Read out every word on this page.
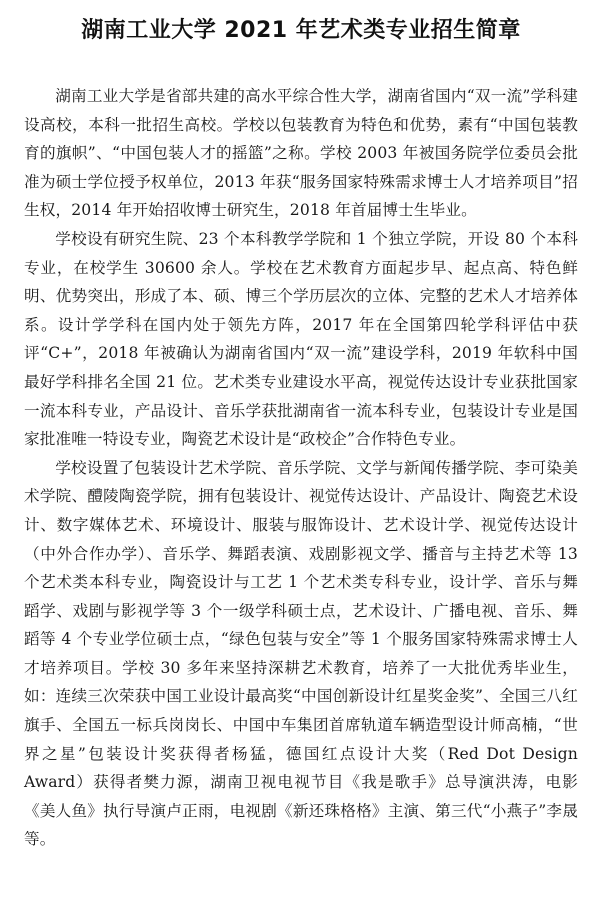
湖南工业大学 2021 年艺术类专业招生简章

湖南工业大学是省部共建的高水平综合性大学，湖南省国内“双一流”学科建设高校，本科一批招生高校。学校以包装教育为特色和优势，素有“中国包装教育的旗帜”、“中国包装人才的摇篮”之称。学校 2003 年被国务院学位委员会批准为硕士学位授予权单位，2013 年获“服务国家特殊需求博士人才培养项目”招生权，2014 年开始招收博士研究生，2018 年首届博士生毕业。

学校设有研究生院、23 个本科教学学院和 1 个独立学院，开设 80 个本科专业，在校学生 30600 余人。学校在艺术教育方面起步早、起点高、特色鲜明、优势突出，形成了本、硕、博三个学历层次的立体、完整的艺术人才培养体系。设计学学科在国内处于领先方阵，2017 年在全国第四轮学科评估中获评“C+”，2018 年被确认为湖南省国内“双一流”建设学科，2019 年软科中国最好学科排名全国 21 位。艺术类专业建设水平高，视觉传达设计专业获批国家一流本科专业，产品设计、音乐学获批湖南省一流本科专业，包装设计专业是国家批准唯一特设专业，陶瓷艺术设计是“政校企”合作特色专业。

学校设置了包装设计艺术学院、音乐学院、文学与新闻传播学院、李可染美术学院、醴陵陶瓷学院，拥有包装设计、视觉传达设计、产品设计、陶瓷艺术设计、数字媒体艺术、环境设计、服装与服饰设计、艺术设计学、视觉传达设计（中外合作办学）、音乐学、舞蹈表演、戏剧影视文学、播音与主持艺术等 13 个艺术类本科专业，陶瓷设计与工艺 1 个艺术类专科专业，设计学、音乐与舞蹈学、戏剧与影视学等 3 个一级学科硕士点，艺术设计、广播电视、音乐、舞蹈等 4 个专业学位硕士点，“绿色包装与安全”等 1 个服务国家特殊需求博士人才培养项目。学校 30 多年来坚持深耕艺术教育，培养了一大批优秀毕业生，如：连续三次荣获中国工业设计最高奖“中国创新设计红星奖金奖”、全国三八红旗手、全国五一标兵岗岗长、中国中车集团首席轨道车辆造型设计师高楠，“世界之星”包装设计奖获得者杨猛，德国红点设计大奖（Red Dot Design Award）获得者樊力源，湖南卫视电视节目《我是歌手》总导演洪涛，电影《美人鱼》执行导演卢正雨，电视剧《新还珠格格》主演、第三代“小燕子”李晟等。
